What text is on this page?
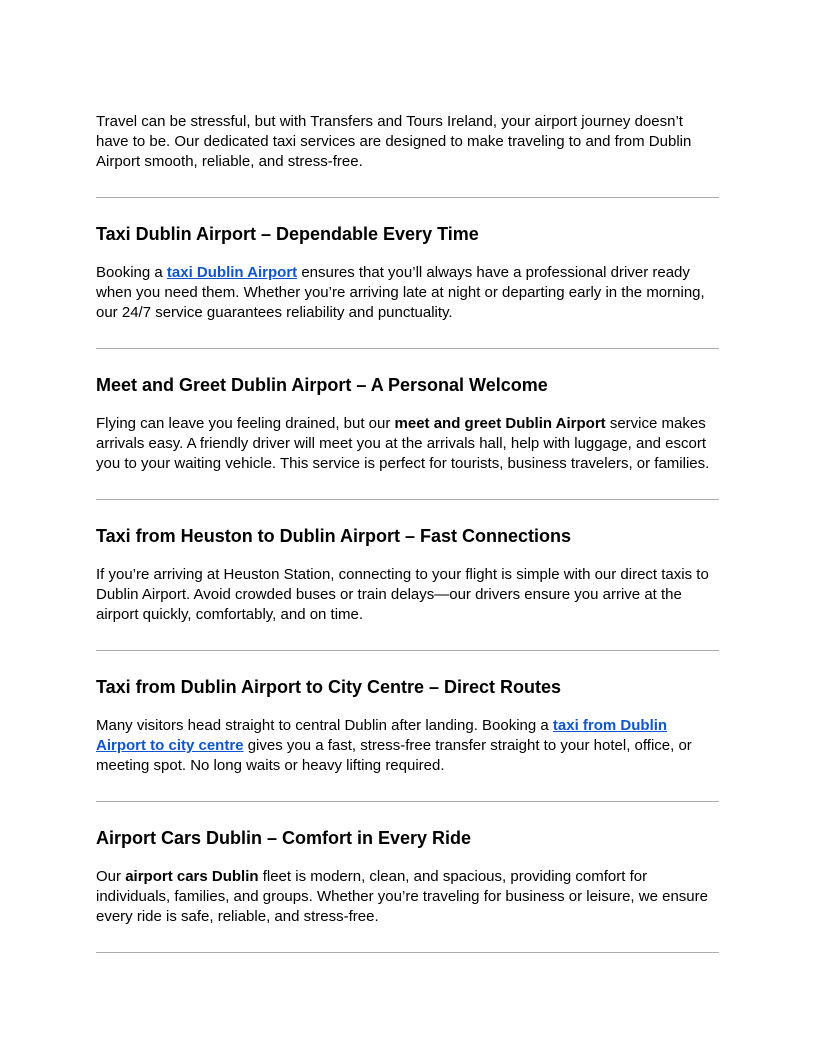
Travel can be stressful, but with Transfers and Tours Ireland, your airport journey doesn’t have to be. Our dedicated taxi services are designed to make traveling to and from Dublin Airport smooth, reliable, and stress-free.

Taxi Dublin Airport – Dependable Every Time

Booking a taxi Dublin Airport ensures that you’ll always have a professional driver ready when you need them. Whether you’re arriving late at night or departing early in the morning, our 24/7 service guarantees reliability and punctuality.

Meet and Greet Dublin Airport – A Personal Welcome

Flying can leave you feeling drained, but our meet and greet Dublin Airport service makes arrivals easy. A friendly driver will meet you at the arrivals hall, help with luggage, and escort you to your waiting vehicle. This service is perfect for tourists, business travelers, or families.

Taxi from Heuston to Dublin Airport – Fast Connections

If you’re arriving at Heuston Station, connecting to your flight is simple with our direct taxis to Dublin Airport. Avoid crowded buses or train delays—our drivers ensure you arrive at the airport quickly, comfortably, and on time.

Taxi from Dublin Airport to City Centre – Direct Routes

Many visitors head straight to central Dublin after landing. Booking a taxi from Dublin Airport to city centre gives you a fast, stress-free transfer straight to your hotel, office, or meeting spot. No long waits or heavy lifting required.

Airport Cars Dublin – Comfort in Every Ride

Our airport cars Dublin fleet is modern, clean, and spacious, providing comfort for individuals, families, and groups. Whether you’re traveling for business or leisure, we ensure every ride is safe, reliable, and stress-free.
